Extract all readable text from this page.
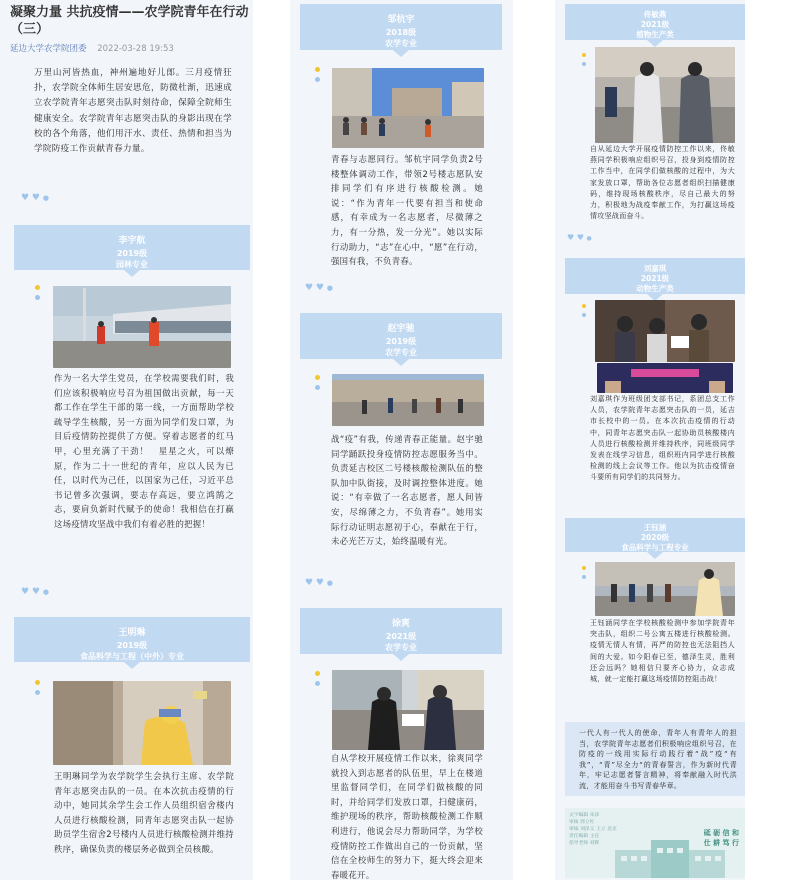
凝聚力量 共抗疫情——农学院青年在行动（三）
延边大学农学院团委 2022-03-28 19:53
万里山河皆热血，神州遍地好儿郎。三月疫情狂扑，农学院全体师生居安思危，防微杜渐，迅速成立农学院青年志愿突击队时刻待命，保障全院师生健康安全。农学院青年志愿突击队的身影出现在学校的各个角落，他们用汗水、责任、热情和担当为学院防疫工作贡献青春力量。
♥︎ ♥︎ ●
李宇航
2019级
园林专业
作为一名大学生党员，在学校需要我们时，我们应该积极响应号召为祖国做出贡献，每一天都工作在学生干部的第一线，一方面帮助学校疏导学生核酸，另一方面为同学们发口罩，为目后疫情防控提供了方便。穿着志愿者的红马甲，心里充满了干劲！　星星之火，可以燎原，作为二十一世纪的青年，应以人民为已任，以时代为己任，以国家为己任，习近平总书记曾多次强调，要志存高远，要立鸿鹄之志，要肩负新时代赋予的使命！我相信在打赢这场疫情攻坚战中我们有着必胜的把握！
♥︎ ♥︎ ●
王明琳
2019级
食品科学与工程（中外）专业
王明琳同学为农学院学生会执行主席、农学院青年志愿突击队的一员。在本次抗击疫情的行动中，她同其余学生会工作人员组织宿舍楼内人员进行核酸检测，同青年志愿突击队一起协助员学生宿舍2号楼内人员进行核酸检测并维持秩序，确保负责的楼层务必做到全员核酸。
邹杭宇
2018级
农学专业
青春与志愿同行。邹杭宇同学负责2号楼整体调动工作，带领2号楼志愿队安排同学们有序进行核酸检测。她说：“作为青年一代要有担当和使命感，有幸成为一名志愿者，尽微薄之力，有一分热，发一分光”。她以实际行动助力，“志”在心中，“愿”在行动，强国有我，不负青春。
♥︎ ♥︎ ●
赵宇驰
2019级
农学专业
战“疫”有我，传递青春正能量。赵宇驰同学踊跃投身疫情防控志愿服务当中。负责延吉校区二号楼核酸检测队伍的整队加中队街接，及时调控整体进度。她说：“有幸做了一名志愿者，愿人间皆安，尽绵薄之力，不负青春”。她用实际行动证明志愿初于心，奉献在于行，未必光芒万丈，始终温暖有光。
♥︎ ♥︎ ●
徐爽
2021级
农学专业
自从学校开展疫情工作以来，徐爽同学就投入到志愿者的队伍里，早上在楼道里监督同学们，在同学们做核酸的同时，并给同学们发放口罩，扫健康码，维护现场的秩序，帮助核酸检测工作顺利进行，他说会尽力帮助同学，为学校疫情防控工作做出自己的一份贡献，坚信在全校师生的努力下，挺大终会迎来春暖花开。
佟敏燕
2021级
植物生产类
自从延边大学开展疫情防控工作以来，佟敏燕同学积极响应组织号召，投身到疫情防控工作当中，在同学们做核酸的过程中，为大家发放口罩，帮助各位志愿者组织扫描健康码，维持现场核酸秩序，尽自己最大的努力，积极地为战疫奉献工作，为打赢这场疫情攻坚战而奋斗。
♥︎ ♥︎ ●
刘嘉琪
2021级
动物生产类
刘嘉琪作为班级团支部书记，系团总支工作人员，农学院青年志愿突击队的一员，延吉市长校中的一员。在本次抗击疫情的行动中，同青年志愿突击队一起协助员核酸楼内人员进行核酸检测并维持秩序，同班级同学发表在线学习信息，组织班内同学进行核酸检测的线上会议等工作。他以为抗击疫情奋斗要所有同学们的共同努力。
王钰涵
2020级
食品科学与工程专业
王钰涵同学在学校核酸检测中参加学院青年突击队，组织二号公寓五楼进行核酸检测。疫情无情人有情，再严的防控也无法阻挡人间的大爱。如今阳春已至，德泽生灵，胜利还会远吗？她相信只要齐心协力，众志成城，就一定能打赢这场疫情防控阻击战！
一代人有一代人的使命，青年人有青年人的担当，农学院青年志愿者们积极响应组织号召，在防疫的一线用实际行动践行着“战”疫“有我”，“青”尽全力“的青春誓言，作为新时代青年，牢记志愿者誓言精神，将奉献融入时代洪流，才能用奋斗书写青春华章。
文字编辑 朱泽
审核 郭立红
审核 刘泽义 王立 北京
责任编辑 主任
指导老师 刘辉
砥 砺 信 和
仕 耕 笃 行
